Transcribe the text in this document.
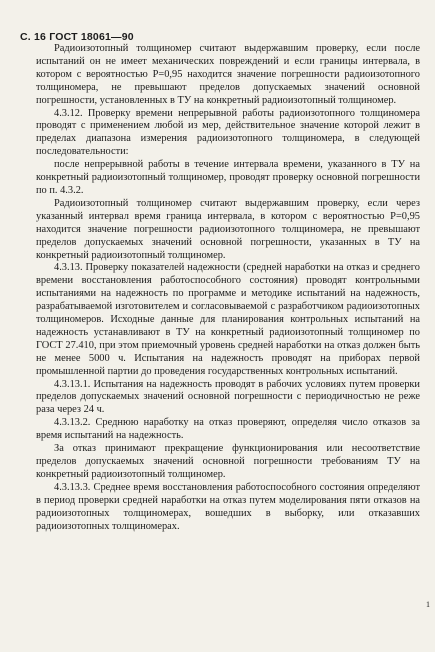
С. 16 ГОСТ 18061—90

Радиоизотопный толщиномер считают выдержавшим проверку, если после испытаний он не имеет механических повреждений и если границы интервала, в котором с вероятностью P=0,95 находится значение погрешности радиоизотопного толщиномера, не превышают пределов допускаемых значений основной погрешности, установленных в ТУ на конкретный радиоизотопный толщиномер.

4.3.12. Проверку времени непрерывной работы радиоизотопного толщиномера проводят с применением любой из мер, действительное значение которой лежит в пределах диапазона измерения радиоизотопного толщиномера, в следующей последовательности:

после непрерывной работы в течение интервала времени, указанного в ТУ на конкретный радиоизотопный толщиномер, проводят проверку основной погрешности по п. 4.3.2.

Радиоизотопный толщиномер считают выдержавшим проверку, если через указанный интервал время граница интервала, в котором с вероятностью P=0,95 находится значение погрешности радиоизотопного толщиномера, не превышают пределов допускаемых значений основной погрешности, указанных в ТУ на конкретный радиоизотопный толщиномер.

4.3.13. Проверку показателей надежности (средней наработки на отказ и среднего времени восстановления работоспособного состояния) проводят контрольными испытаниями на надежность по программе и методике испытаний на надежность, разрабатываемой изготовителем и согласовываемой с разработчиком радиоизотопных толщиномеров. Исходные данные для планирования контрольных испытаний на надежность устанавливают в ТУ на конкретный радиоизотопный толщиномер по ГОСТ 27.410, при этом приемочный уровень средней наработки на отказ должен быть не менее 5000 ч. Испытания на надежность проводят на приборах первой промышленной партии до проведения государственных контрольных испытаний.

4.3.13.1. Испытания на надежность проводят в рабочих условиях путем проверки пределов допускаемых значений основной погрешности с периодичностью не реже раза через 24 ч.

4.3.13.2. Среднюю наработку на отказ проверяют, определяя число отказов за время испытаний на надежность.

За отказ принимают прекращение функционирования или несоответствие пределов допускаемых значений основной погрешности требованиям ТУ на конкретный радиоизотопный толщиномер.

4.3.13.3. Среднее время восстановления работоспособного состояния определяют в период проверки средней наработки на отказ путем моделирования пяти отказов на радиоизотопных толщиномерах, вошедших в выборку, или отказавших радиоизотопных толщиномерах.

1
